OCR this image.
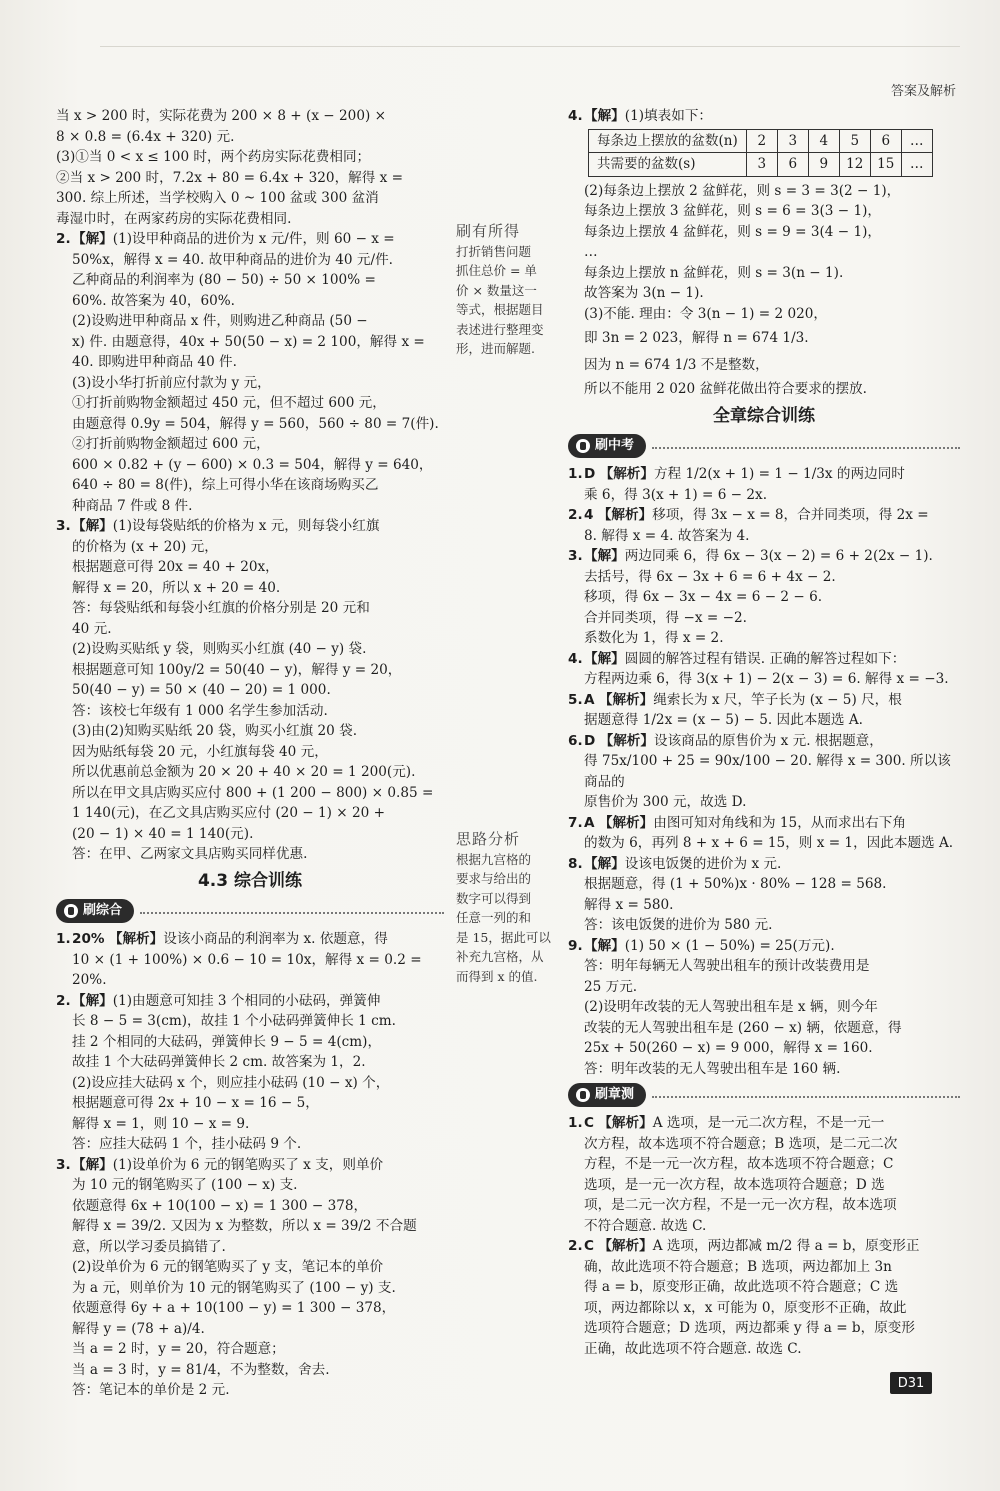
答案及解析

当 x > 200 时，实际花费为 200 × 8 + (x − 200) ×

8 × 0.8 = (6.4x + 320) 元.

(3)①当 0 < x ≤ 100 时，两个药房实际花费相同；

②当 x > 200 时，7.2x + 80 = 6.4x + 320，解得 x =

300. 综上所述，当学校购入 0 ~ 100 盆或 300 盆消

毒湿巾时，在两家药房的实际花费相同.

2. 【解】 (1)设甲种商品的进价为 x 元/件，则 60 − x =

50%x，解得 x = 40. 故甲种商品的进价为 40 元/件.

乙种商品的利润率为 (80 − 50) ÷ 50 × 100% =

60%. 故答案为 40，60%.

(2)设购进甲种商品 x 件，则购进乙种商品 (50 −

x) 件. 由题意得，40x + 50(50 − x) = 2 100，解得 x =

40. 即购进甲种商品 40 件.

(3)设小华打折前应付款为 y 元，

①打折前购物金额超过 450 元，但不超过 600 元，

由题意得 0.9y = 504，解得 y = 560，560 ÷ 80 = 7(件).

②打折前购物金额超过 600 元，

600 × 0.82 + (y − 600) × 0.3 = 504，解得 y = 640，

640 ÷ 80 = 8(件)，综上可得小华在该商场购买乙

种商品 7 件或 8 件.

3. 【解】 (1)设每袋贴纸的价格为 x 元，则每袋小红旗

的价格为 (x + 20) 元，

根据题意可得 20x = 40 + 20x，

解得 x = 20，所以 x + 20 = 40.

答：每袋贴纸和每袋小红旗的价格分别是 20 元和

40 元.

(2)设购买贴纸 y 袋，则购买小红旗 (40 − y) 袋.

根据题意可知 100y/2 = 50(40 − y)，解得 y = 20，

50(40 − y) = 50 × (40 − 20) = 1 000.

答：该校七年级有 1 000 名学生参加活动.

(3)由(2)知购买贴纸 20 袋，购买小红旗 20 袋.

因为贴纸每袋 20 元，小红旗每袋 40 元，

所以优惠前总金额为 20 × 20 + 40 × 20 = 1 200(元).

所以在甲文具店购买应付 800 + (1 200 − 800) × 0.85 =

1 140(元)，在乙文具店购买应付 (20 − 1) × 20 +

(20 − 1) × 40 = 1 140(元).

答：在甲、乙两家文具店购买同样优惠.

4.3 综合训练
刷综合
1. 20%
【解析】 设该小商品的利润率为 x. 依题意，得

10 × (1 + 100%) × 0.6 − 10 = 10x，解得 x = 0.2 = 20%.

2. 【解】 (1)由题意可知挂 3 个相同的小砝码，弹簧伸

长 8 − 5 = 3(cm)，故挂 1 个小砝码弹簧伸长 1 cm.

挂 2 个相同的大砝码，弹簧伸长 9 − 5 = 4(cm)，

故挂 1 个大砝码弹簧伸长 2 cm. 故答案为 1，2.

(2)设应挂大砝码 x 个，则应挂小砝码 (10 − x) 个，

根据题意可得 2x + 10 − x = 16 − 5，

解得 x = 1，则 10 − x = 9.

答：应挂大砝码 1 个，挂小砝码 9 个.

3. 【解】 (1)设单价为 6 元的钢笔购买了 x 支，则单价

为 10 元的钢笔购买了 (100 − x) 支.

依题意得 6x + 10(100 − x) = 1 300 − 378，

解得 x = 39/2. 又因为 x 为整数，所以 x = 39/2 不合题

意，所以学习委员搞错了.

(2)设单价为 6 元的钢笔购买了 y 支，笔记本的单价

为 a 元，则单价为 10 元的钢笔购买了 (100 − y) 支.

依题意得 6y + a + 10(100 − y) = 1 300 − 378，

解得 y = (78 + a)/4.

当 a = 2 时，y = 20，符合题意；

当 a = 3 时，y = 81/4，不为整数，舍去.

答：笔记本的单价是 2 元.

刷有所得
打折销售问题
抓住总价 = 单
价 × 数量这一
等式，根据题目
表述进行整理变
形，进而解题.
思路分析
根据九宫格的
要求与给出的
数字可以得到
任意一列的和
是 15，据此可以
补充九宫格，从
而得到 x 的值.
4. 【解】 (1)填表如下：
每条边上摆放的盆数(n)	2	3	4	5	6	…
共需要的盆数(s)	3	6	9	12	15	…

(2)每条边上摆放 2 盆鲜花，则 s = 3 = 3(2 − 1)，

每条边上摆放 3 盆鲜花，则 s = 6 = 3(3 − 1)，

每条边上摆放 4 盆鲜花，则 s = 9 = 3(4 − 1)，

…

每条边上摆放 n 盆鲜花，则 s = 3(n − 1).

故答案为 3(n − 1).

(3)不能. 理由：令 3(n − 1) = 2 020，

即 3n = 2 023，解得 n = 674 1/3.

因为 n = 674 1/3 不是整数，

所以不能用 2 020 盆鲜花做出符合要求的摆放.

全章综合训练
刷中考
1. D
【解析】 方程 1/2(x + 1) = 1 − 1/3x 的两边同时

乘 6，得 3(x + 1) = 6 − 2x.

2. 4
【解析】 移项，得 3x − x = 8，合并同类项，得 2x =

8. 解得 x = 4. 故答案为 4.

3. 【解】 两边同乘 6，得 6x − 3(x − 2) = 6 + 2(2x − 1).

去括号，得 6x − 3x + 6 = 6 + 4x − 2.

移项，得 6x − 3x − 4x = 6 − 2 − 6.

合并同类项，得 −x = −2.

系数化为 1，得 x = 2.

4. 【解】 圆圆的解答过程有错误. 正确的解答过程如下：

方程两边乘 6，得 3(x + 1) − 2(x − 3) = 6. 解得 x = −3.

5. A
【解析】 绳索长为 x 尺，竿子长为 (x − 5) 尺，根

据题意得 1/2x = (x − 5) − 5. 因此本题选 A.

6. D
【解析】 设该商品的原售价为 x 元. 根据题意，

得 75x/100 + 25 = 90x/100 − 20. 解得 x = 300. 所以该商品的

原售价为 300 元，故选 D.

7. A
【解析】 由图可知对角线和为 15，从而求出右下角

的数为 6，再列 8 + x + 6 = 15，则 x = 1，因此本题选 A.

8. 【解】 设该电饭煲的进价为 x 元.

根据题意，得 (1 + 50%)x · 80% − 128 = 568.

解得 x = 580.

答：该电饭煲的进价为 580 元.

9. 【解】 (1) 50 × (1 − 50%) = 25(万元).

答：明年每辆无人驾驶出租车的预计改装费用是

25 万元.

(2)设明年改装的无人驾驶出租车是 x 辆，则今年

改装的无人驾驶出租车是 (260 − x) 辆，依题意，得

25x + 50(260 − x) = 9 000，解得 x = 160.

答：明年改装的无人驾驶出租车是 160 辆.

刷章测
1. C
【解析】 A 选项，是一元二次方程，不是一元一

次方程，故本选项不符合题意；B 选项，是二元二次

方程，不是一元一次方程，故本选项不符合题意；C

选项，是一元一次方程，故本选项符合题意；D 选

项，是二元一次方程，不是一元一次方程，故本选项

不符合题意. 故选 C.

2. C
【解析】 A 选项，两边都减 m/2 得 a = b，原变形正

确，故此选项不符合题意；B 选项，两边都加上 3n

得 a = b，原变形正确，故此选项不符合题意；C 选

项，两边都除以 x，x 可能为 0，原变形不正确，故此

选项符合题意；D 选项，两边都乘 y 得 a = b，原变形

正确，故此选项不符合题意. 故选 C.

D31
